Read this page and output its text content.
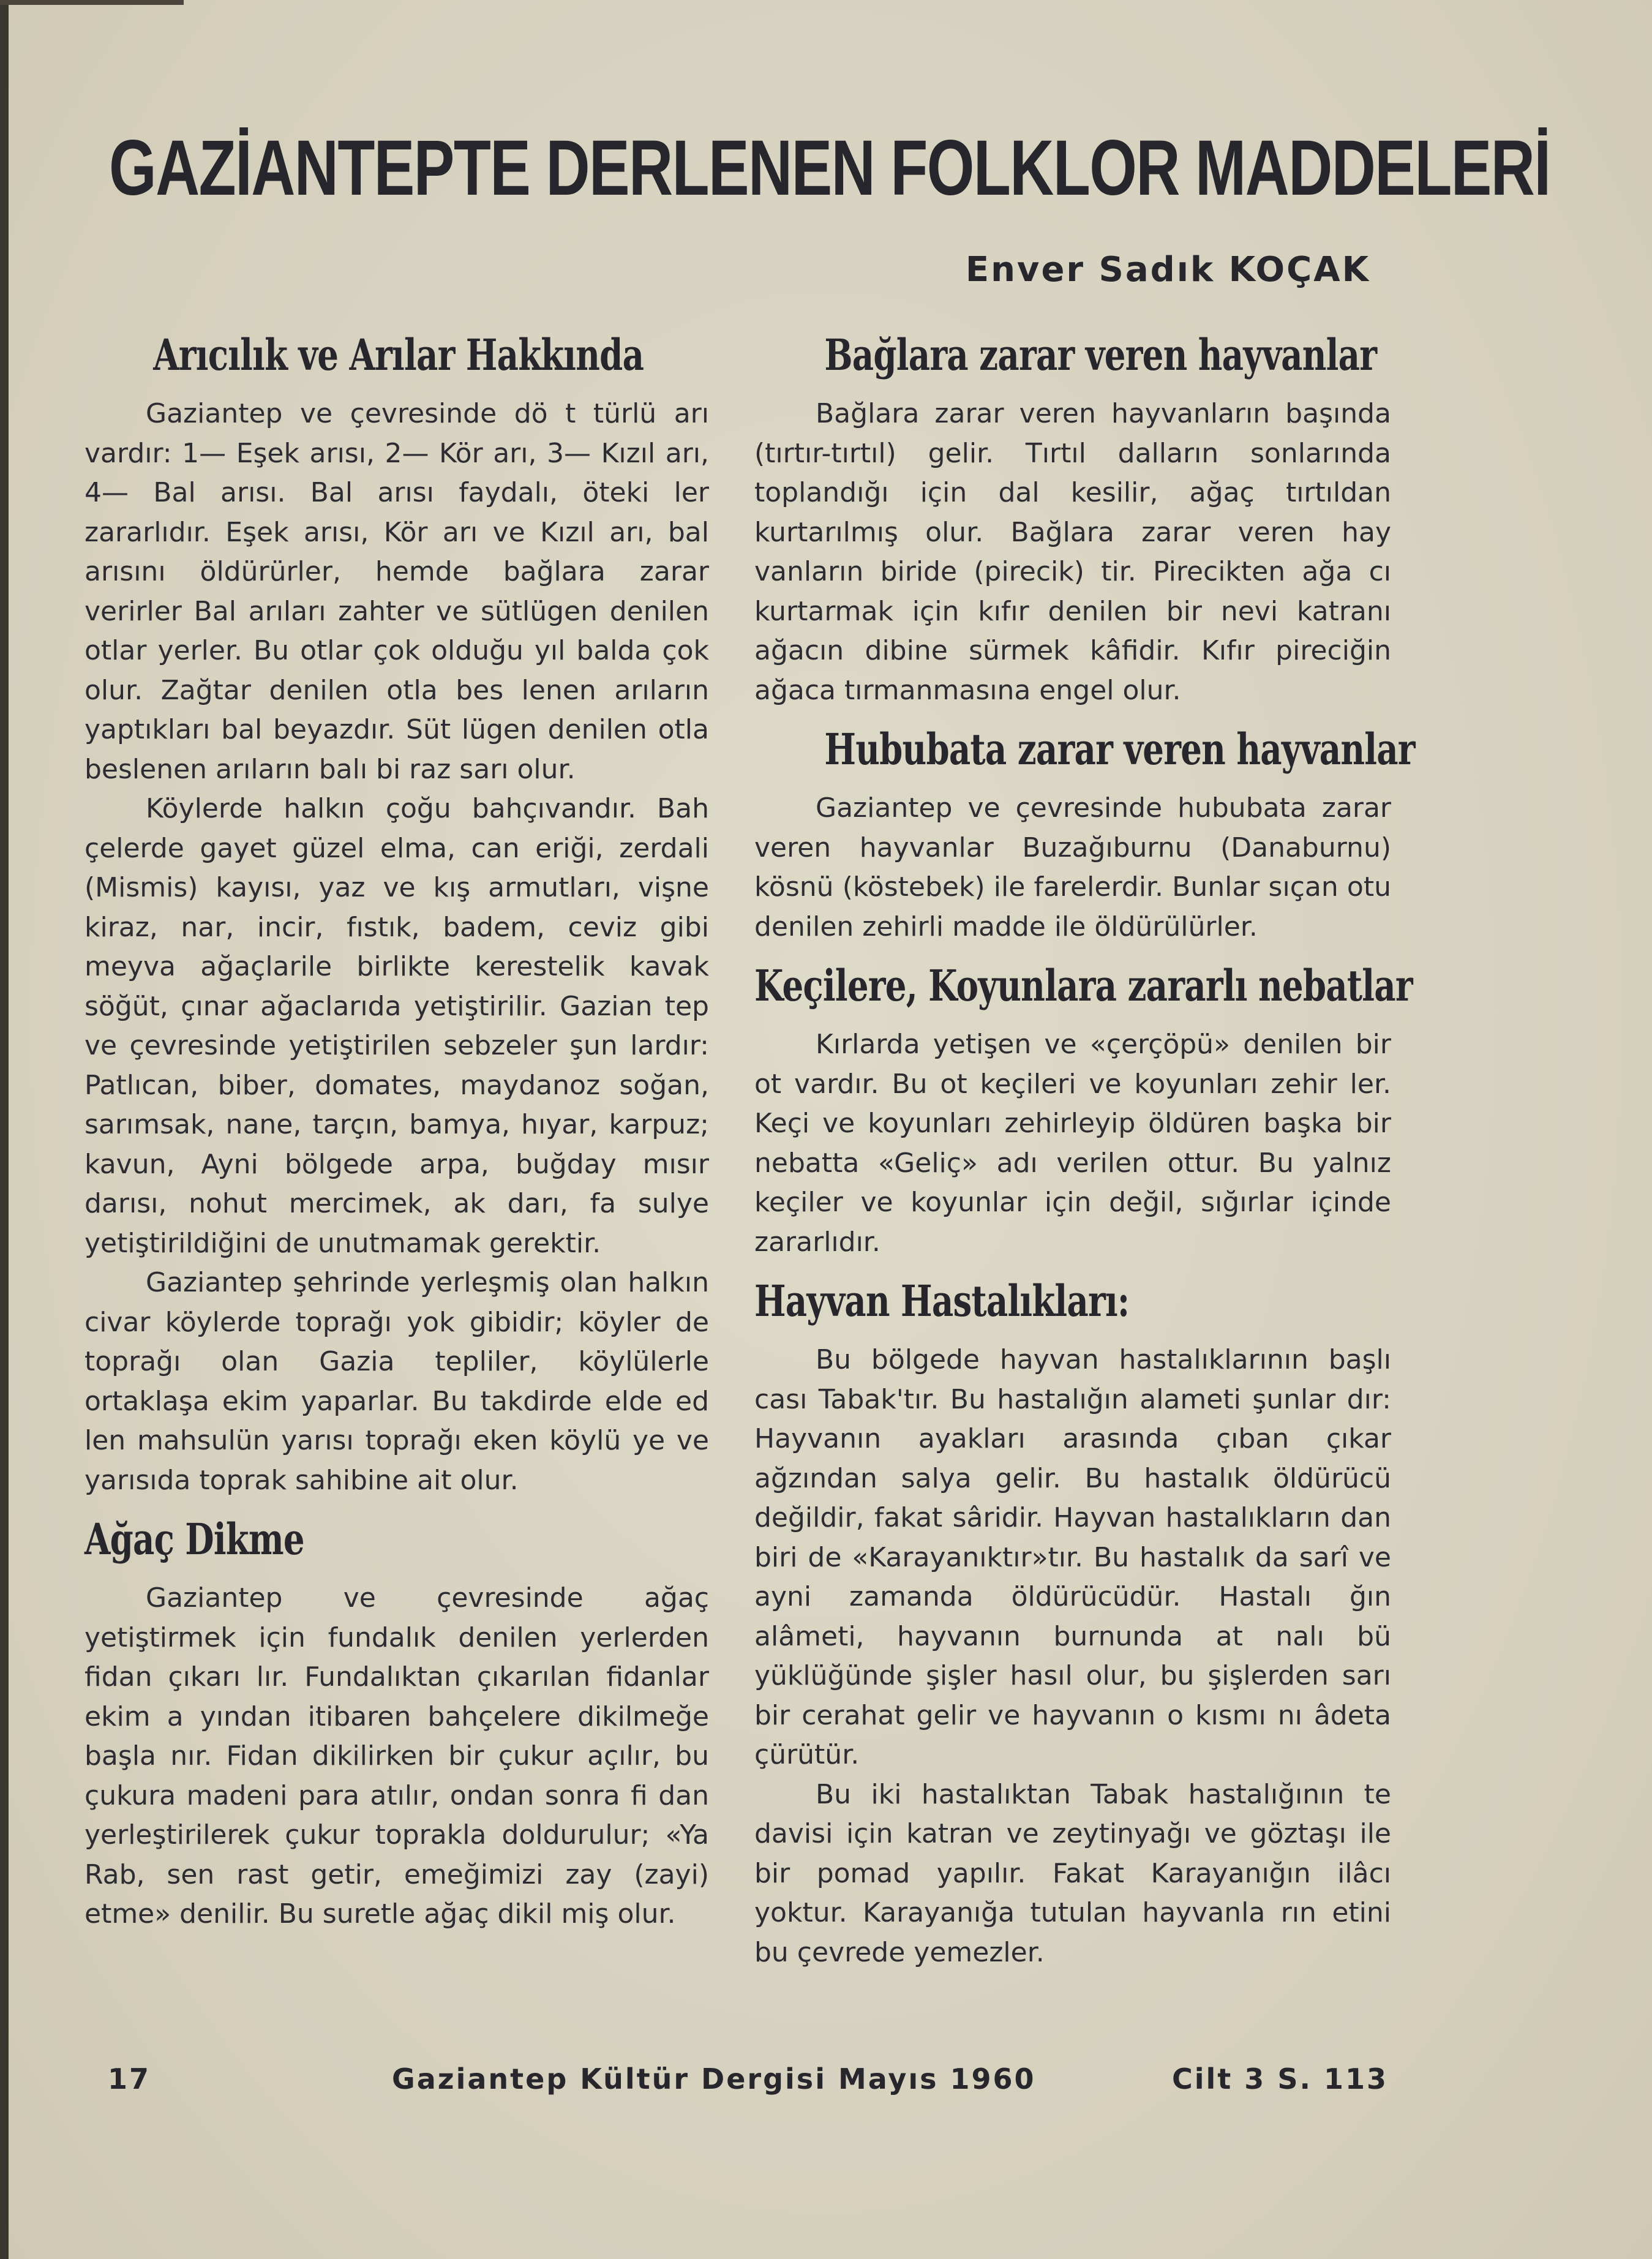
GAZİANTEPTE DERLENEN FOLKLOR MADDELERİ
Enver Sadık KOÇAK
Arıcılık ve Arılar Hakkında

Gaziantep ve çevresinde dö t türlü arı vardır: 1— Eşek arısı, 2— Kör arı, 3— Kızıl arı, 4— Bal arısı. Bal arısı faydalı, öteki ler zararlıdır. Eşek arısı, Kör arı ve Kızıl arı, bal arısını öldürürler, hemde bağlara zarar verirler Bal arıları zahter ve sütlügen denilen otlar yerler. Bu otlar çok olduğu yıl balda çok olur. Zağtar denilen otla bes lenen arıların yaptıkları bal beyazdır. Süt lügen denilen otla beslenen arıların balı bi raz sarı olur.

Köylerde halkın çoğu bahçıvandır. Bah çelerde gayet güzel elma, can eriği, zerdali (Mismis) kayısı, yaz ve kış armutları, vişne kiraz, nar, incir, fıstık, badem, ceviz gibi meyva ağaçlarile birlikte kerestelik kavak söğüt, çınar ağaclarıda yetiştirilir. Gazian tep ve çevresinde yetiştirilen sebzeler şun lardır: Patlıcan, biber, domates, maydanoz soğan, sarımsak, nane, tarçın, bamya, hıyar, karpuz; kavun, Ayni bölgede arpa, buğday mısır darısı, nohut mercimek, ak darı, fa sulye yetiştirildiğini de unutmamak gerektir.

Gaziantep şehrinde yerleşmiş olan halkın civar köylerde toprağı yok gibidir; köyler de toprağı olan Gazia tepliler, köylülerle ortaklaşa ekim yaparlar. Bu takdirde elde ed len mahsulün yarısı toprağı eken köylü ye ve yarısıda toprak sahibine ait olur.

Ağaç Dikme

Gaziantep ve çevresinde ağaç yetiştirmek için fundalık denilen yerlerden fidan çıkarı lır. Fundalıktan çıkarılan fidanlar ekim a yından itibaren bahçelere dikilmeğe başla nır. Fidan dikilirken bir çukur açılır, bu çukura madeni para atılır, ondan sonra fi dan yerleştirilerek çukur toprakla doldurulur; «Ya Rab, sen rast getir, emeğimizi zay (zayi) etme» denilir. Bu suretle ağaç dikil miş olur.

Bağlara zarar veren hayvanlar

Bağlara zarar veren hayvanların başında (tırtır-tırtıl) gelir. Tırtıl dalların sonlarında toplandığı için dal kesilir, ağaç tırtıldan kurtarılmış olur. Bağlara zarar veren hay vanların biride (pirecik) tir. Pirecikten ağa cı kurtarmak için kıfır denilen bir nevi katranı ağacın dibine sürmek kâfidir. Kıfır pireciğin ağaca tırmanmasına engel olur.

Hububata zarar veren hayvanlar

Gaziantep ve çevresinde hububata zarar veren hayvanlar Buzağıburnu (Danaburnu) kösnü (köstebek) ile farelerdir. Bunlar sıçan otu denilen zehirli madde ile öldürülürler.

Keçilere, Koyunlara zararlı nebatlar

Kırlarda yetişen ve «çerçöpü» denilen bir ot vardır. Bu ot keçileri ve koyunları zehir ler. Keçi ve koyunları zehirleyip öldüren başka bir nebatta «Geliç» adı verilen ottur. Bu yalnız keçiler ve koyunlar için değil, sığırlar içinde zararlıdır.

Hayvan Hastalıkları:

Bu bölgede hayvan hastalıklarının başlı cası Tabak'tır. Bu hastalığın alameti şunlar dır: Hayvanın ayakları arasında çıban çıkar ağzından salya gelir. Bu hastalık öldürücü değildir, fakat sâridir. Hayvan hastalıkların dan biri de «Karayanıktır»tır. Bu hastalık da sarî ve ayni zamanda öldürücüdür. Hastalı ğın alâmeti, hayvanın burnunda at nalı bü yüklüğünde şişler hasıl olur, bu şişlerden sarı bir cerahat gelir ve hayvanın o kısmı nı âdeta çürütür.

Bu iki hastalıktan Tabak hastalığının te davisi için katran ve zeytinyağı ve göztaşı ile bir pomad yapılır. Fakat Karayanığın ilâcı yoktur. Karayanığa tutulan hayvanla rın etini bu çevrede yemezler.

17	Gaziantep Kültür Dergisi Mayıs 1960	Cilt 3 S. 113
